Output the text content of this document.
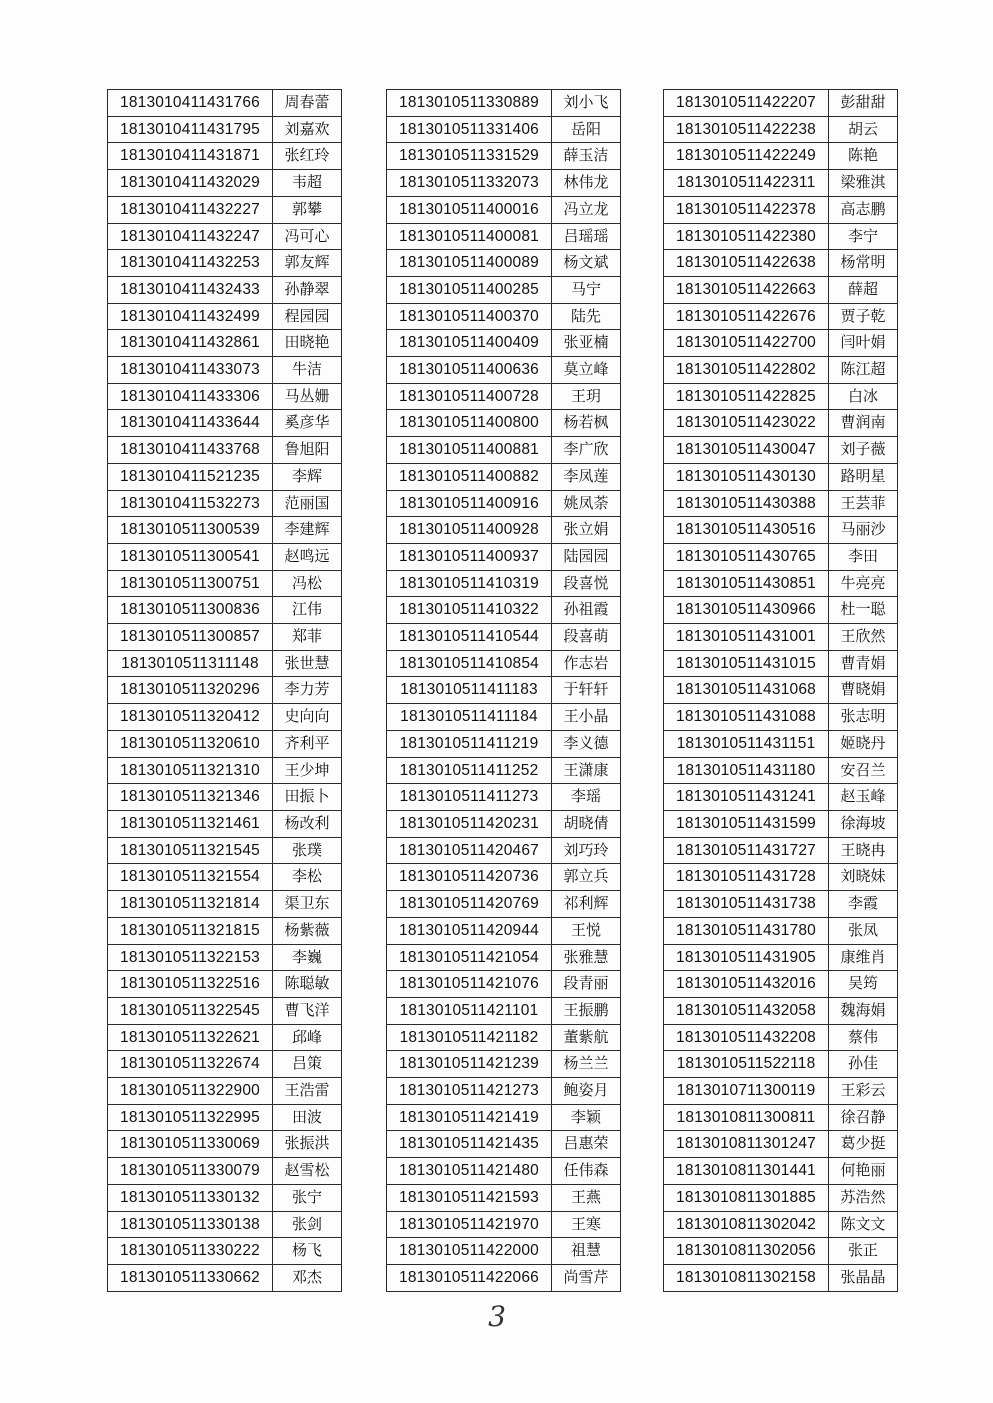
1813010411431766	周春蕾
1813010411431795	刘嘉欢
1813010411431871	张红玲
1813010411432029	韦超
1813010411432227	郭攀
1813010411432247	冯可心
1813010411432253	郭友辉
1813010411432433	孙静翠
1813010411432499	程园园
1813010411432861	田晓艳
1813010411433073	牛洁
1813010411433306	马丛姗
1813010411433644	奚彦华
1813010411433768	鲁旭阳
1813010411521235	李辉
1813010411532273	范丽国
1813010511300539	李建辉
1813010511300541	赵鸣远
1813010511300751	冯松
1813010511300836	江伟
1813010511300857	郑菲
1813010511311148	张世慧
1813010511320296	李力芳
1813010511320412	史向向
1813010511320610	齐利平
1813010511321310	王少坤
1813010511321346	田振卜
1813010511321461	杨改利
1813010511321545	张璞
1813010511321554	李松
1813010511321814	渠卫东
1813010511321815	杨紫薇
1813010511322153	李巍
1813010511322516	陈聪敏
1813010511322545	曹飞洋
1813010511322621	邱峰
1813010511322674	吕策
1813010511322900	王浩雷
1813010511322995	田波
1813010511330069	张振洪
1813010511330079	赵雪松
1813010511330132	张宁
1813010511330138	张剑
1813010511330222	杨飞
1813010511330662	邓杰
1813010511330889	刘小飞
1813010511331406	岳阳
1813010511331529	薛玉洁
1813010511332073	林伟龙
1813010511400016	冯立龙
1813010511400081	吕瑶瑶
1813010511400089	杨文斌
1813010511400285	马宁
1813010511400370	陆先
1813010511400409	张亚楠
1813010511400636	莫立峰
1813010511400728	王玥
1813010511400800	杨若枫
1813010511400881	李广欣
1813010511400882	李凤莲
1813010511400916	姚凤荼
1813010511400928	张立娟
1813010511400937	陆园园
1813010511410319	段喜悦
1813010511410322	孙祖霞
1813010511410544	段喜萌
1813010511410854	作志岩
1813010511411183	于轩轩
1813010511411184	王小晶
1813010511411219	李义德
1813010511411252	王潇康
1813010511411273	李瑶
1813010511420231	胡晓倩
1813010511420467	刘巧玲
1813010511420736	郭立兵
1813010511420769	祁利辉
1813010511420944	王悦
1813010511421054	张雅慧
1813010511421076	段青丽
1813010511421101	王振鹏
1813010511421182	董紫航
1813010511421239	杨兰兰
1813010511421273	鲍姿月
1813010511421419	李颖
1813010511421435	吕惠荣
1813010511421480	任伟森
1813010511421593	王燕
1813010511421970	王寒
1813010511422000	祖慧
1813010511422066	尚雪芹
1813010511422207	彭甜甜
1813010511422238	胡云
1813010511422249	陈艳
1813010511422311	梁雅淇
1813010511422378	高志鹏
1813010511422380	李宁
1813010511422638	杨常明
1813010511422663	薛超
1813010511422676	贾子乾
1813010511422700	闫叶娟
1813010511422802	陈江超
1813010511422825	白冰
1813010511423022	曹润南
1813010511430047	刘子薇
1813010511430130	路明星
1813010511430388	王芸菲
1813010511430516	马丽沙
1813010511430765	李田
1813010511430851	牛亮亮
1813010511430966	杜一聪
1813010511431001	王欣然
1813010511431015	曹青娟
1813010511431068	曹晓娟
1813010511431088	张志明
1813010511431151	姬晓丹
1813010511431180	安召兰
1813010511431241	赵玉峰
1813010511431599	徐海坡
1813010511431727	王晓冉
1813010511431728	刘晓妹
1813010511431738	李霞
1813010511431780	张凤
1813010511431905	康维肖
1813010511432016	吴筠
1813010511432058	魏海娟
1813010511432208	蔡伟
1813010511522118	孙佳
1813010711300119	王彩云
1813010811300811	徐召静
1813010811301247	葛少挺
1813010811301441	何艳丽
1813010811301885	苏浩然
1813010811302042	陈文文
1813010811302056	张正
1813010811302158	张晶晶
3
